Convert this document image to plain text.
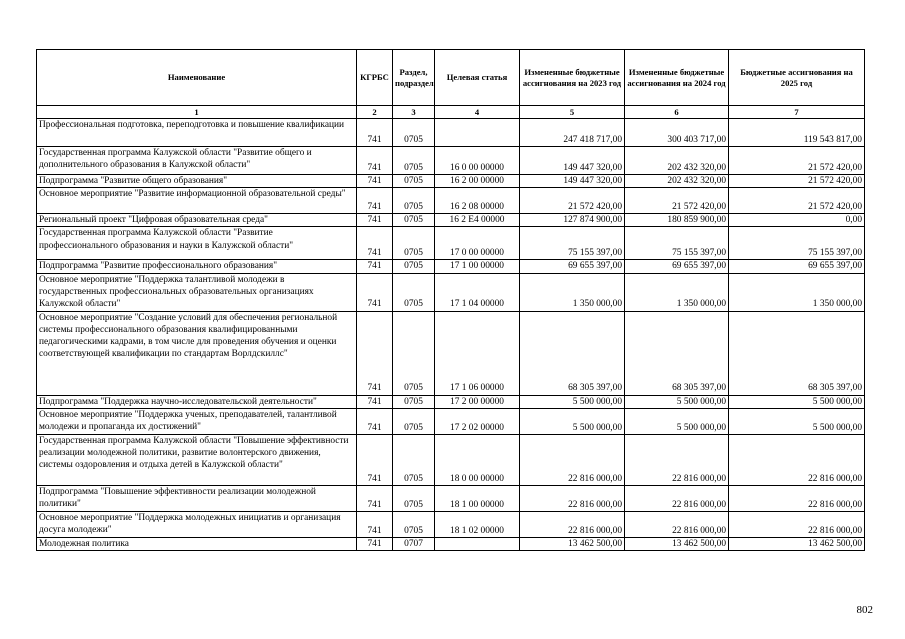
Наименование	КГРБС	Раздел, подраздел	Целевая статья	Измененные бюджетные ассигнования на 2023 год	Измененные бюджетные ассигнования на 2024 год	Бюджетные ассигнования на 2025 год
1	2	3	4	5	6	7
Профессиональная подготовка, переподготовка и повышение квалификации	741	0705		247 418 717,00	300 403 717,00	119 543 817,00
Государственная программа Калужской области "Развитие общего и дополнительного образования в Калужской области"	741	0705	16 0 00 00000	149 447 320,00	202 432 320,00	21 572 420,00
Подпрограмма "Развитие общего образования"	741	0705	16 2 00 00000	149 447 320,00	202 432 320,00	21 572 420,00
Основное мероприятие "Развитие информационной образовательной среды"	741	0705	16 2 08 00000	21 572 420,00	21 572 420,00	21 572 420,00
Региональный проект "Цифровая образовательная среда"	741	0705	16 2 E4 00000	127 874 900,00	180 859 900,00	0,00
Государственная программа Калужской области "Развитие профессионального образования и науки в Калужской области"	741	0705	17 0 00 00000	75 155 397,00	75 155 397,00	75 155 397,00
Подпрограмма "Развитие профессионального образования"	741	0705	17 1 00 00000	69 655 397,00	69 655 397,00	69 655 397,00
Основное мероприятие "Поддержка талантливой молодежи в государственных профессиональных образовательных организациях Калужской области"	741	0705	17 1 04 00000	1 350 000,00	1 350 000,00	1 350 000,00
Основное мероприятие "Создание условий для обеспечения региональной системы профессионального образования квалифицированными педагогическими кадрами, в том числе для проведения обучения и оценки соответствующей квалификации по стандартам Ворлдскиллс"	741	0705	17 1 06 00000	68 305 397,00	68 305 397,00	68 305 397,00
Подпрограмма "Поддержка научно-исследовательской деятельности"	741	0705	17 2 00 00000	5 500 000,00	5 500 000,00	5 500 000,00
Основное мероприятие "Поддержка ученых, преподавателей, талантливой молодежи и пропаганда их достижений"	741	0705	17 2 02 00000	5 500 000,00	5 500 000,00	5 500 000,00
Государственная программа Калужской области "Повышение эффективности реализации молодежной политики, развитие волонтерского движения, системы оздоровления и отдыха детей в Калужской области"	741	0705	18 0 00 00000	22 816 000,00	22 816 000,00	22 816 000,00
Подпрограмма "Повышение эффективности реализации молодежной политики"	741	0705	18 1 00 00000	22 816 000,00	22 816 000,00	22 816 000,00
Основное мероприятие "Поддержка молодежных инициатив и организация досуга молодежи"	741	0705	18 1 02 00000	22 816 000,00	22 816 000,00	22 816 000,00
Молодежная политика	741	0707		13 462 500,00	13 462 500,00	13 462 500,00
802
